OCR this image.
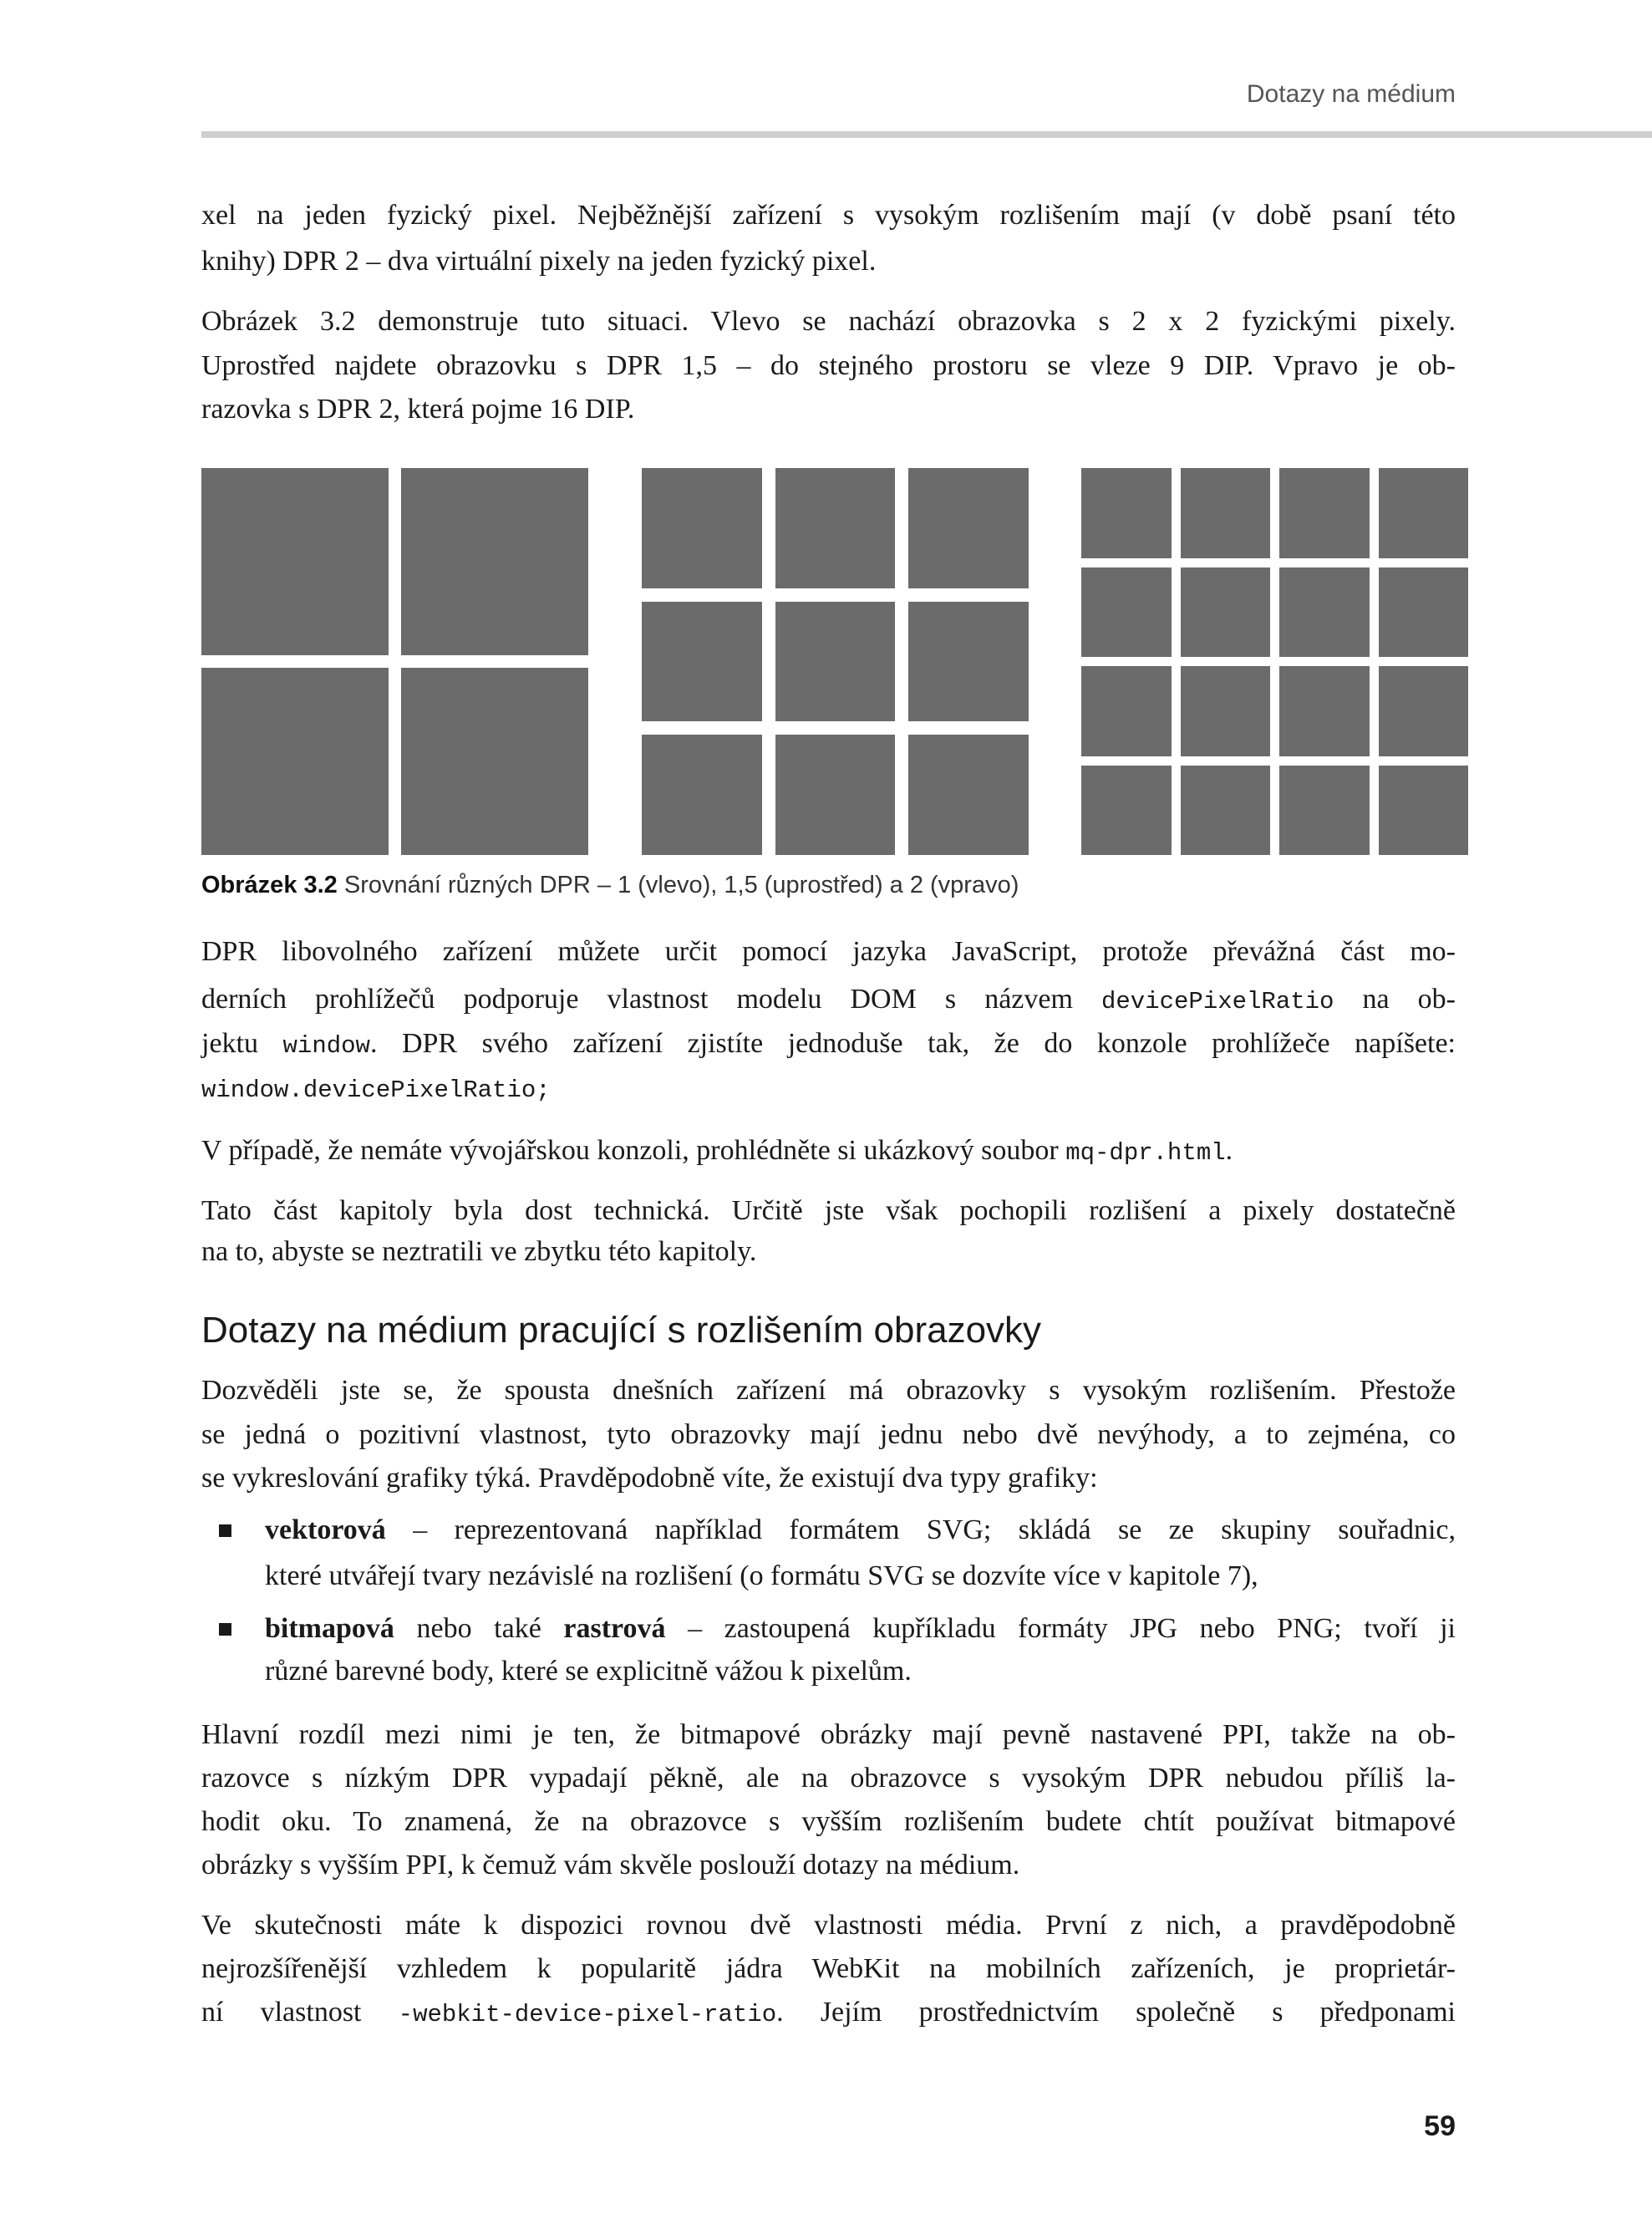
Dotazy na médium
xel na jeden fyzický pixel. Nejběžnější zařízení s vysokým rozlišením mají (v době psaní této
knihy) DPR 2 – dva virtuální pixely na jeden fyzický pixel.
Obrázek 3.2 demonstruje tuto situaci. Vlevo se nachází obrazovka s 2 x 2 fyzickými pixely.
Uprostřed najdete obrazovku s DPR 1,5 – do stejného prostoru se vleze 9 DIP. Vpravo je ob-
razovka s DPR 2, která pojme 16 DIP.
Obrázek 3.2 Srovnání různých DPR – 1 (vlevo), 1,5 (uprostřed) a 2 (vpravo)
DPR libovolného zařízení můžete určit pomocí jazyka JavaScript, protože převážná část mo-
derních prohlížečů podporuje vlastnost modelu DOM s názvem devicePixelRatio na ob-
jektu window. DPR svého zařízení zjistíte jednoduše tak, že do konzole prohlížeče napíšete:
window.devicePixelRatio;
V případě, že nemáte vývojářskou konzoli, prohlédněte si ukázkový soubor mq-dpr.html.
Tato část kapitoly byla dost technická. Určitě jste však pochopili rozlišení a pixely dostatečně
na to, abyste se neztratili ve zbytku této kapitoly.
Dotazy na médium pracující s rozlišením obrazovky
Dozvěděli jste se, že spousta dnešních zařízení má obrazovky s vysokým rozlišením. Přestože
se jedná o pozitivní vlastnost, tyto obrazovky mají jednu nebo dvě nevýhody, a to zejména, co
se vykreslování grafiky týká. Pravděpodobně víte, že existují dva typy grafiky:
vektorová – reprezentovaná například formátem SVG; skládá se ze skupiny souřadnic,
které utvářejí tvary nezávislé na rozlišení (o formátu SVG se dozvíte více v kapitole 7),
bitmapová nebo také rastrová – zastoupená kupříkladu formáty JPG nebo PNG; tvoří ji
různé barevné body, které se explicitně vážou k pixelům.
Hlavní rozdíl mezi nimi je ten, že bitmapové obrázky mají pevně nastavené PPI, takže na ob-
razovce s nízkým DPR vypadají pěkně, ale na obrazovce s vysokým DPR nebudou příliš la-
hodit oku. To znamená, že na obrazovce s vyšším rozlišením budete chtít používat bitmapové
obrázky s vyšším PPI, k čemuž vám skvěle poslouží dotazy na médium.
Ve skutečnosti máte k dispozici rovnou dvě vlastnosti média. První z nich, a pravděpodobně
nejrozšířenější vzhledem k popularitě jádra WebKit na mobilních zařízeních, je proprietár-
ní vlastnost -webkit-device-pixel-ratio. Jejím prostřednictvím společně s předponami
59
